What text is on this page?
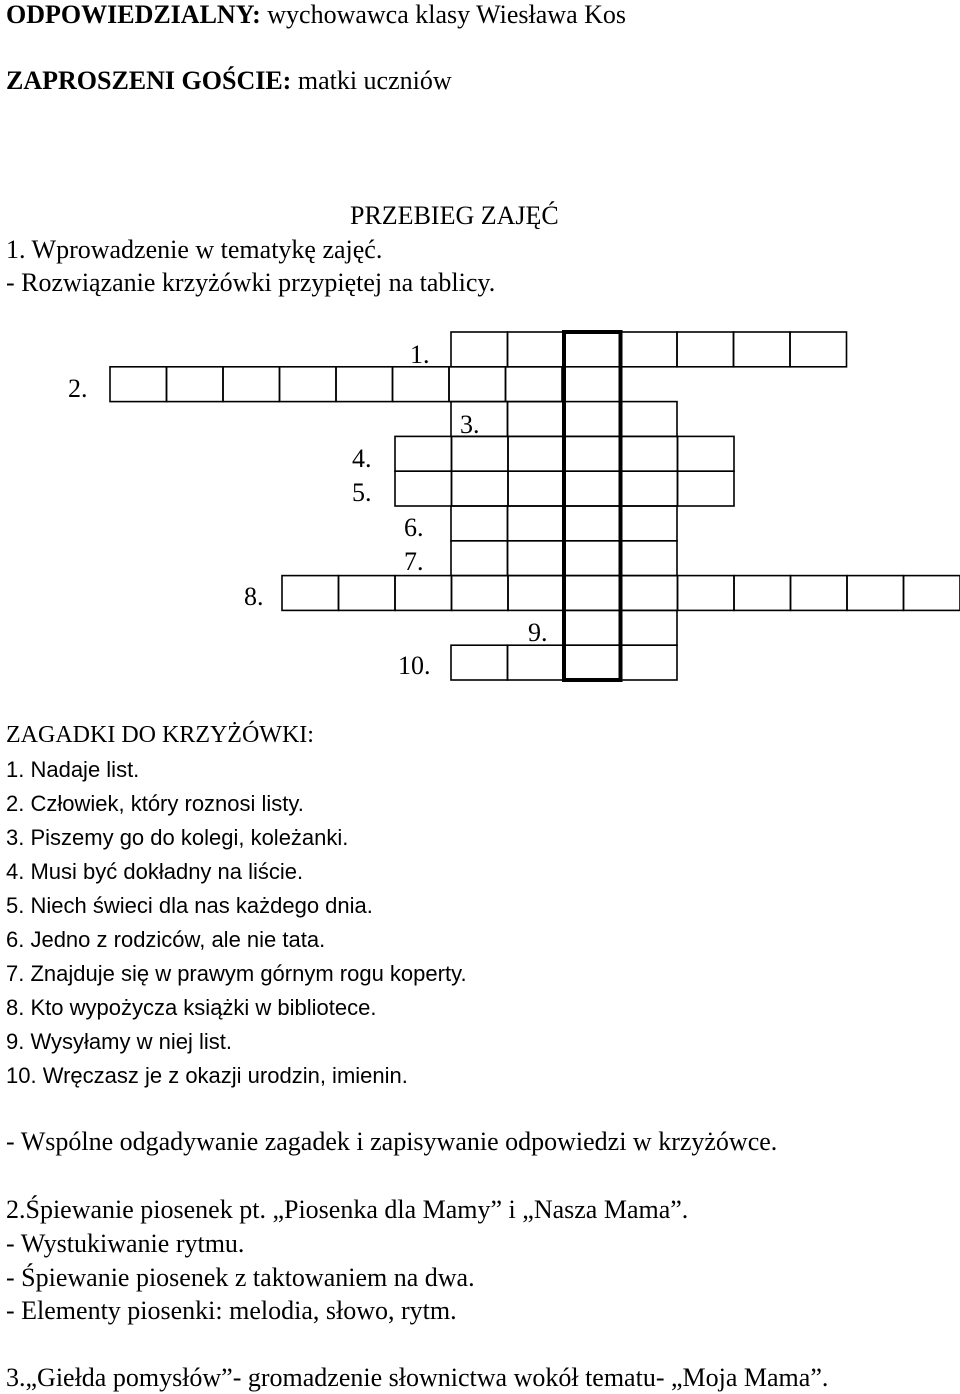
ODPOWIEDZIALNY: wychowawca klasy Wiesława Kos
ZAPROSZENI GOŚCIE: matki uczniów
PRZEBIEG ZAJĘĆ
1. Wprowadzenie w tematykę zajęć.
- Rozwiązanie krzyżówki przypiętej na tablicy.
1.
2.
3.
4.
5.
6.
7.
8.
9.
10.
ZAGADKI DO KRZYŻÓWKI:
1. Nadaje list.
2. Człowiek, który roznosi listy.
3. Piszemy go do kolegi, koleżanki.
4. Musi być dokładny na liście.
5. Niech świeci dla nas każdego dnia.
6. Jedno z rodziców, ale nie tata.
7. Znajduje się w prawym górnym rogu koperty.
8. Kto wypożycza książki w bibliotece.
9. Wysyłamy w niej list.
10. Wręczasz je z okazji urodzin, imienin.
- Wspólne odgadywanie zagadek i zapisywanie odpowiedzi w krzyżówce.
2.Śpiewanie piosenek pt. „Piosenka dla Mamy” i „Nasza Mama”.
- Wystukiwanie rytmu.
- Śpiewanie piosenek z taktowaniem na dwa.
- Elementy piosenki: melodia, słowo, rytm.
3.„Giełda pomysłów”- gromadzenie słownictwa wokół tematu- „Moja Mama”.
